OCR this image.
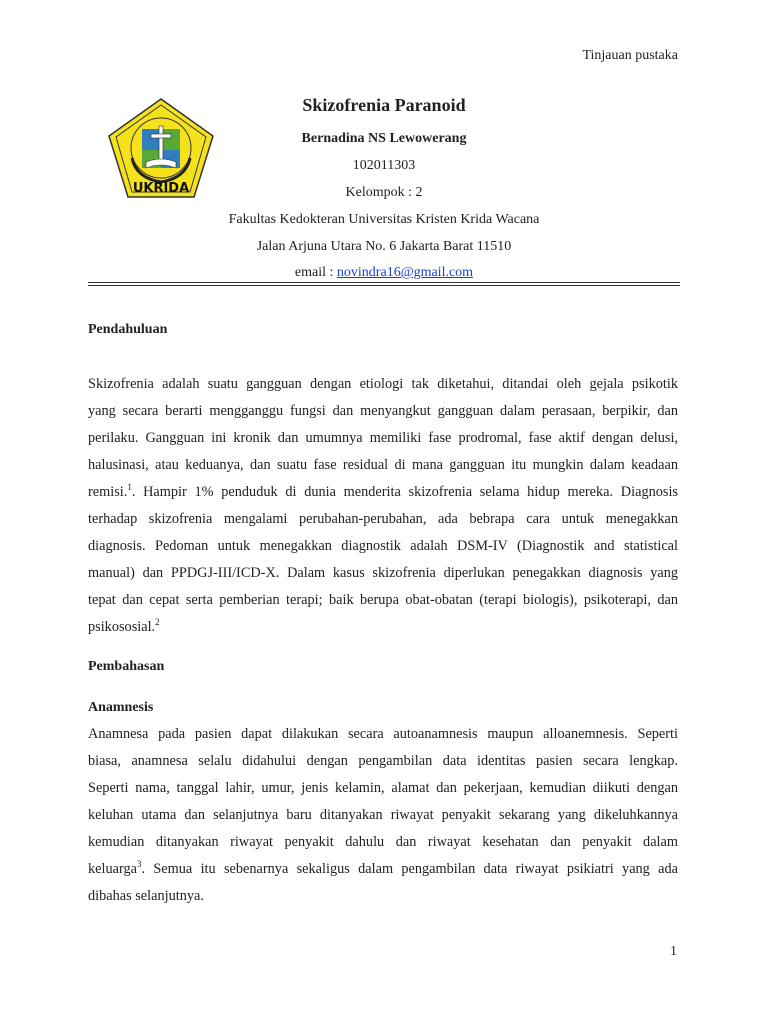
Tinjauan pustaka
UKRIDA
Skizofrenia Paranoid
Bernadina NS Lewowerang
102011303
Kelompok : 2
Fakultas Kedokteran Universitas Kristen Krida Wacana
Jalan Arjuna Utara No. 6 Jakarta Barat 11510
email : novindra16@gmail.com
Pendahuluan
Skizofrenia adalah suatu gangguan dengan etiologi tak diketahui, ditandai oleh gejala psikotik
yang secara berarti mengganggu fungsi dan menyangkut gangguan dalam perasaan, berpikir, dan
perilaku. Gangguan ini kronik dan umumnya memiliki fase prodromal, fase aktif dengan delusi,
halusinasi, atau keduanya, dan suatu fase residual di mana gangguan itu mungkin dalam keadaan
remisi.$^1$. Hampir 1% penduduk di dunia menderita skizofrenia selama hidup mereka. Diagnosis
terhadap skizofrenia mengalami perubahan-perubahan, ada bebrapa cara untuk menegakkan
diagnosis. Pedoman untuk menegakkan diagnostik adalah DSM-IV (Diagnostik and statistical
manual) dan PPDGJ-III/ICD-X. Dalam kasus skizofrenia diperlukan penegakkan diagnosis yang
tepat dan cepat serta pemberian terapi; baik berupa obat-obatan (terapi biologis), psikoterapi, dan
psikososial.$^2$
Pembahasan
Anamnesis
Anamnesa pada pasien dapat dilakukan secara autoanamnesis maupun alloanemnesis. Seperti
biasa, anamnesa selalu didahului dengan pengambilan data identitas pasien secara lengkap.
Seperti nama, tanggal lahir, umur, jenis kelamin, alamat dan pekerjaan, kemudian diikuti dengan
keluhan utama dan selanjutnya baru ditanyakan riwayat penyakit sekarang yang dikeluhkannya
kemudian ditanyakan riwayat penyakit dahulu dan riwayat kesehatan dan penyakit dalam
keluarga$^3$. Semua itu sebenarnya sekaligus dalam pengambilan data riwayat psikiatri yang ada
dibahas selanjutnya.
1
